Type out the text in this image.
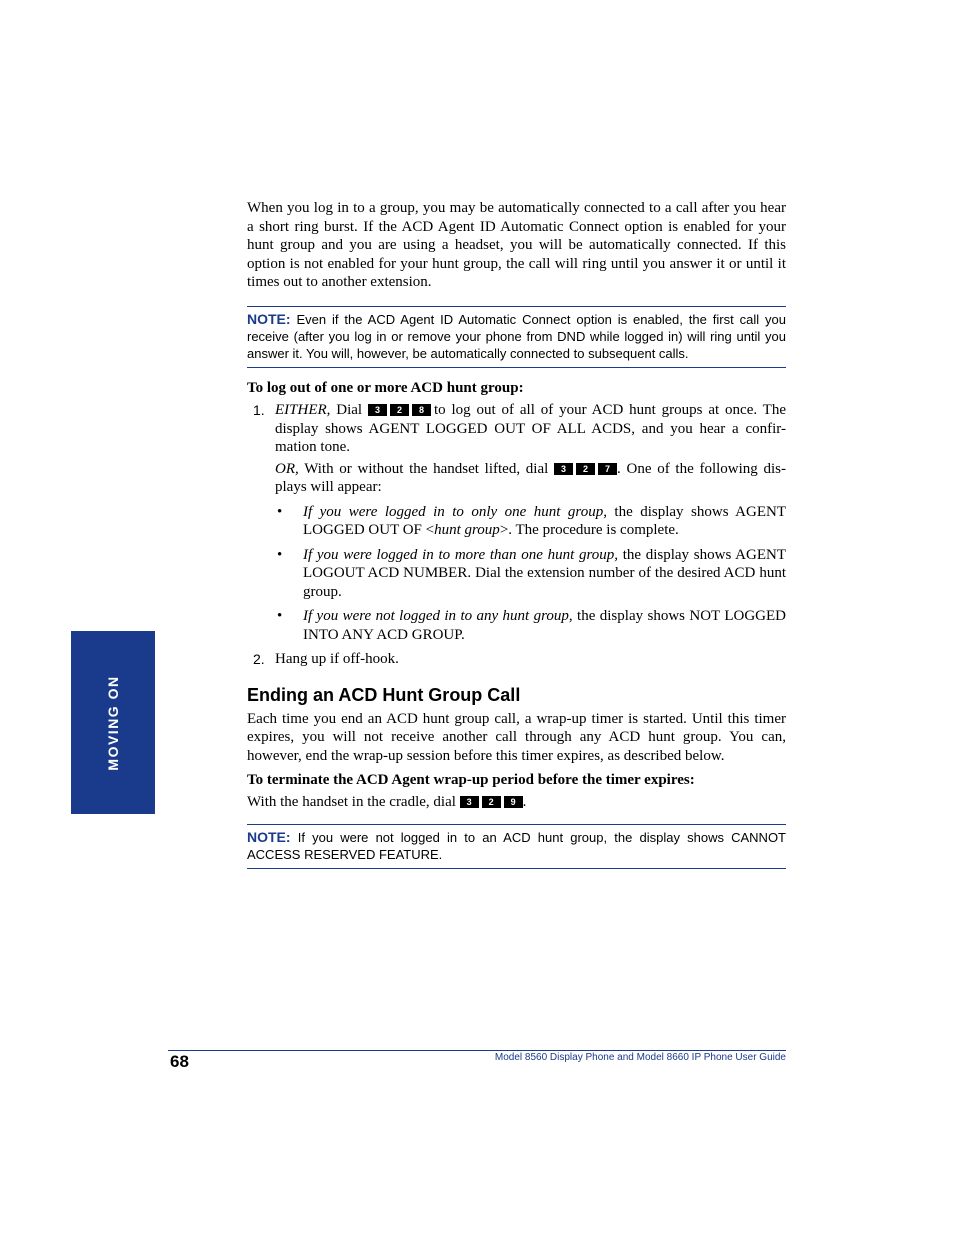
MOVING ON

When you log in to a group, you may be automatically connected to a call after you hear a short ring burst. If the ACD Agent ID Automatic Connect option is enabled for your hunt group and you are using a headset, you will be automatically connected. If this option is not enabled for your hunt group, the call will ring until you answer it or until it times out to another extension.

NOTE: Even if the ACD Agent ID Automatic Connect option is enabled, the first call you receive (after you log in or remove your phone from DND while logged in) will ring until you answer it. You will, however, be automatically connected to subsequent calls.

To log out of one or more ACD hunt group:

1. EITHER, Dial 3 2 8 to log out of all of your ACD hunt groups at once. The display shows AGENT LOGGED OUT OF ALL ACDS, and you hear a confir-mation tone.

OR, With or without the handset lifted, dial 3 2 7 . One of the following dis-plays will appear:

• If you were logged in to only one hunt group, the display shows AGENT LOGGED OUT OF <hunt group>. The procedure is complete.
• If you were logged in to more than one hunt group, the display shows AGENT LOGOUT ACD NUMBER. Dial the extension number of the desired ACD hunt group.
• If you were not logged in to any hunt group, the display shows NOT LOGGED INTO ANY ACD GROUP.
2. Hang up if off-hook.

Ending an ACD Hunt Group Call

Each time you end an ACD hunt group call, a wrap-up timer is started. Until this timer expires, you will not receive another call through any ACD hunt group. You can, however, end the wrap-up session before this timer expires, as described below.

To terminate the ACD Agent wrap-up period before the timer expires:

With the handset in the cradle, dial 3 2 9 .

NOTE: If you were not logged in to an ACD hunt group, the display shows CANNOT ACCESS RESERVED FEATURE.
68	Model 8560 Display Phone and Model 8660 IP Phone User Guide
